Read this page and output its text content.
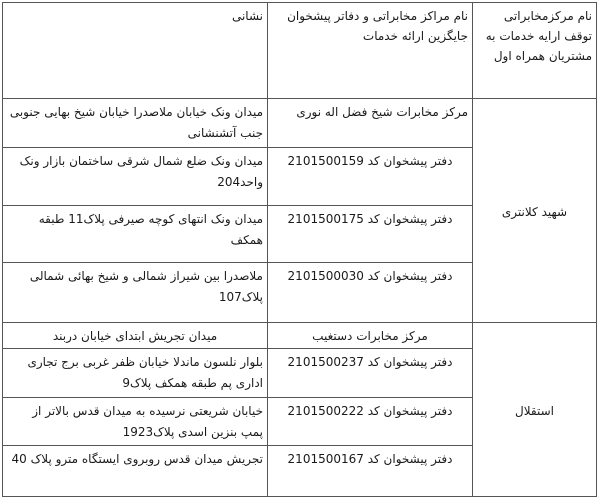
نام مرکزمخابراتی توقف ارایه خدمات به مشتریان همراه اول	نام مراکز مخابراتی و دفاتر پیشخوان جایگزین ارائه خدمات	نشانی
شهید کلانتری	مرکز مخابرات شیخ فضل اله نوری	میدان ونک خیابان ملاصدرا خیابان شیخ بهایی جنوبی جنب آتشنشانی
	دفتر پیشخوان کد 2101500159	میدان ونک ضلع شمال شرقی ساختمان بازار ونک واحد204
	دفتر پیشخوان کد 2101500175	میدان ونک انتهای کوچه صیرفی پلاک11 طبقه همکف
	دفتر پیشخوان کد 2101500030	ملاصدرا بین شیراز شمالی و شیخ بهائی شمالی پلاک107
استقلال	مرکز مخابرات دستغیب	میدان تجریش ابتدای خیابان دربند
	دفتر پیشخوان کد 2101500237	بلوار نلسون ماندلا خیابان ظفر غربی برج تجاری اداری پم طبقه همکف پلاک9
	دفتر پیشخوان کد 2101500222	خیابان شریعتی نرسیده به میدان قدس بالاتر از پمپ بنزین اسدی پلاک1923
	دفتر پیشخوان کد 2101500167	تجریش میدان قدس روبروی ایستگاه مترو پلاک 40
